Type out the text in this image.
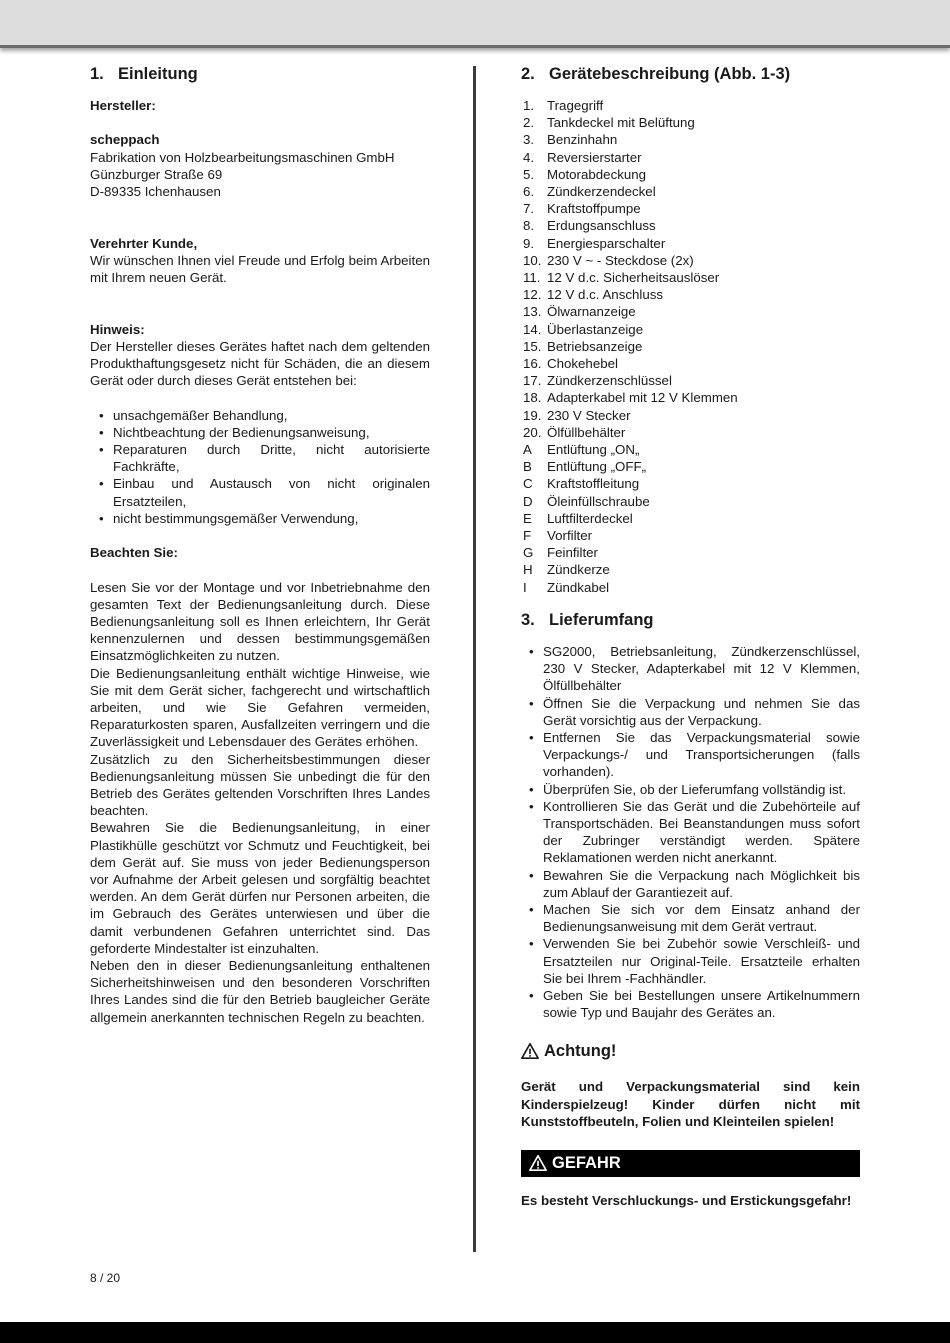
1. Einleitung
Hersteller:
scheppach
Fabrikation von Holzbearbeitungsmaschinen GmbH
Günzburger Straße 69
D-89335 Ichenhausen
Verehrter Kunde,
Wir wünschen Ihnen viel Freude und Erfolg beim Arbeiten mit Ihrem neuen Gerät.
Hinweis:
Der Hersteller dieses Gerätes haftet nach dem geltenden Produkthaftungsgesetz nicht für Schäden, die an diesem Gerät oder durch dieses Gerät entstehen bei:
• unsachgemäßer Behandlung,
• Nichtbeachtung der Bedienungsanweisung,
• Reparaturen durch Dritte, nicht autorisierte Fachkräfte,
• Einbau und Austausch von nicht originalen Ersatzteilen,
• nicht bestimmungsgemäßer Verwendung,
Beachten Sie:
Lesen Sie vor der Montage und vor Inbetriebnahme den gesamten Text der Bedienungsanleitung durch. Diese Bedienungsanleitung soll es Ihnen erleichtern, Ihr Gerät kennenzulernen und dessen bestimmungsgemäßen Einsatzmöglichkeiten zu nutzen.
Die Bedienungsanleitung enthält wichtige Hinweise, wie Sie mit dem Gerät sicher, fachgerecht und wirtschaftlich arbeiten, und wie Sie Gefahren vermeiden, Reparaturkosten sparen, Ausfallzeiten verringern und die Zuverlässigkeit und Lebensdauer des Gerätes erhöhen.
Zusätzlich zu den Sicherheitsbestimmungen dieser Bedienungsanleitung müssen Sie unbedingt die für den Betrieb des Gerätes geltenden Vorschriften Ihres Landes beachten.
Bewahren Sie die Bedienungsanleitung, in einer Plastikhülle geschützt vor Schmutz und Feuchtigkeit, bei dem Gerät auf. Sie muss von jeder Bedienungsperson vor Aufnahme der Arbeit gelesen und sorgfältig beachtet werden. An dem Gerät dürfen nur Personen arbeiten, die im Gebrauch des Gerätes unterwiesen und über die damit verbundenen Gefahren unterrichtet sind. Das geforderte Mindestalter ist einzuhalten.
Neben den in dieser Bedienungsanleitung enthaltenen Sicherheitshinweisen und den besonderen Vorschriften Ihres Landes sind die für den Betrieb baugleicher Geräte allgemein anerkannten technischen Regeln zu beachten.
2. Gerätebeschreibung (Abb. 1-3)
1. Tragegriff
2. Tankdeckel mit Belüftung
3. Benzinhahn
4. Reversierstarter
5. Motorabdeckung
6. Zündkerzendeckel
7. Kraftstoffpumpe
8. Erdungsanschluss
9. Energiesparschalter
10. 230 V ~ - Steckdose (2x)
11. 12 V d.c. Sicherheitsauslöser
12. 12 V d.c. Anschluss
13. Ölwarnanzeige
14. Überlastanzeige
15. Betriebsanzeige
16. Chokehebel
17. Zündkerzenschlüssel
18. Adapterkabel mit 12 V Klemmen
19. 230 V Stecker
20. Ölfüllbehälter
A	Entlüftung „ON„
B	Entlüftung „OFF„
C	Kraftstoffleitung
D	Öleinfüllschraube
E	Luftfilterdeckel
F	Vorfilter
G	Feinfilter
H	Zündkerze
I	Zündkabel
3. Lieferumfang
• SG2000, Betriebsanleitung, Zündkerzenschlüssel, 230 V Stecker, Adapterkabel mit 12 V Klemmen, Ölfüllbehälter
• Öffnen Sie die Verpackung und nehmen Sie das Gerät vorsichtig aus der Verpackung.
• Entfernen Sie das Verpackungsmaterial sowie Verpackungs-/ und Transportsicherungen (falls vorhanden).
• Überprüfen Sie, ob der Lieferumfang vollständig ist.
• Kontrollieren Sie das Gerät und die Zubehörteile auf Transportschäden. Bei Beanstandungen muss sofort der Zubringer verständigt werden. Spätere Reklamationen werden nicht anerkannt.
• Bewahren Sie die Verpackung nach Möglichkeit bis zum Ablauf der Garantiezeit auf.
• Machen Sie sich vor dem Einsatz anhand der Bedienungsanweisung mit dem Gerät vertraut.
• Verwenden Sie bei Zubehör sowie Verschleiß- und Ersatzteilen nur Original-Teile. Ersatzteile erhalten Sie bei Ihrem -Fachhändler.
• Geben Sie bei Bestellungen unsere Artikelnummern sowie Typ und Baujahr des Gerätes an.
Achtung!
Gerät und Verpackungsmaterial sind kein Kinderspielzeug! Kinder dürfen nicht mit Kunststoffbeuteln, Folien und Kleinteilen spielen!
GEFAHR
Es besteht Verschluckungs- und Erstickungsgefahr!
8 / 20
